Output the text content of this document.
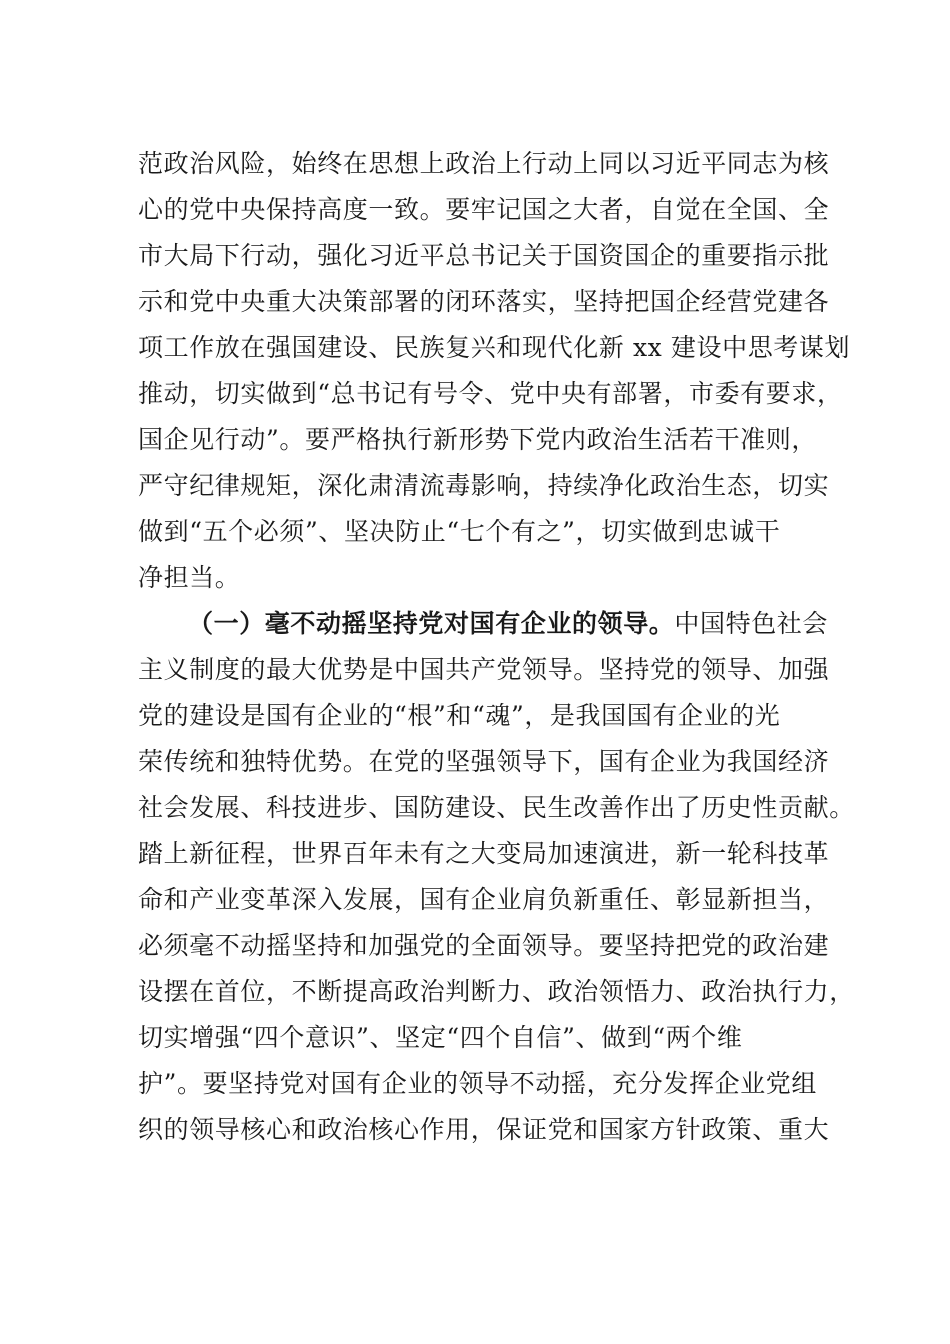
范政治风险，始终在思想上政治上行动上同以习近平同志为核
心的党中央保持高度一致。要牢记国之大者，自觉在全国、全
市大局下行动，强化习近平总书记关于国资国企的重要指示批
示和党中央重大决策部署的闭环落实，坚持把国企经营党建各
项工作放在强国建设、民族复兴和现代化新 xx 建设中思考谋划
推动，切实做到“总书记有号令、党中央有部署，市委有要求，
国企见行动”。要严格执行新形势下党内政治生活若干准则，
严守纪律规矩，深化肃清流毒影响，持续净化政治生态，切实
做到“五个必须”、坚决防止“七个有之”，切实做到忠诚干
净担当。
（一）毫不动摇坚持党对国有企业的领导。中国特色社会
主义制度的最大优势是中国共产党领导。坚持党的领导、加强
党的建设是国有企业的“根”和“魂”，是我国国有企业的光
荣传统和独特优势。在党的坚强领导下，国有企业为我国经济
社会发展、科技进步、国防建设、民生改善作出了历史性贡献。
踏上新征程，世界百年未有之大变局加速演进，新一轮科技革
命和产业变革深入发展，国有企业肩负新重任、彰显新担当，
必须毫不动摇坚持和加强党的全面领导。要坚持把党的政治建
设摆在首位，不断提高政治判断力、政治领悟力、政治执行力，
切实增强“四个意识”、坚定“四个自信”、做到“两个维
护”。要坚持党对国有企业的领导不动摇，充分发挥企业党组
织的领导核心和政治核心作用，保证党和国家方针政策、重大
